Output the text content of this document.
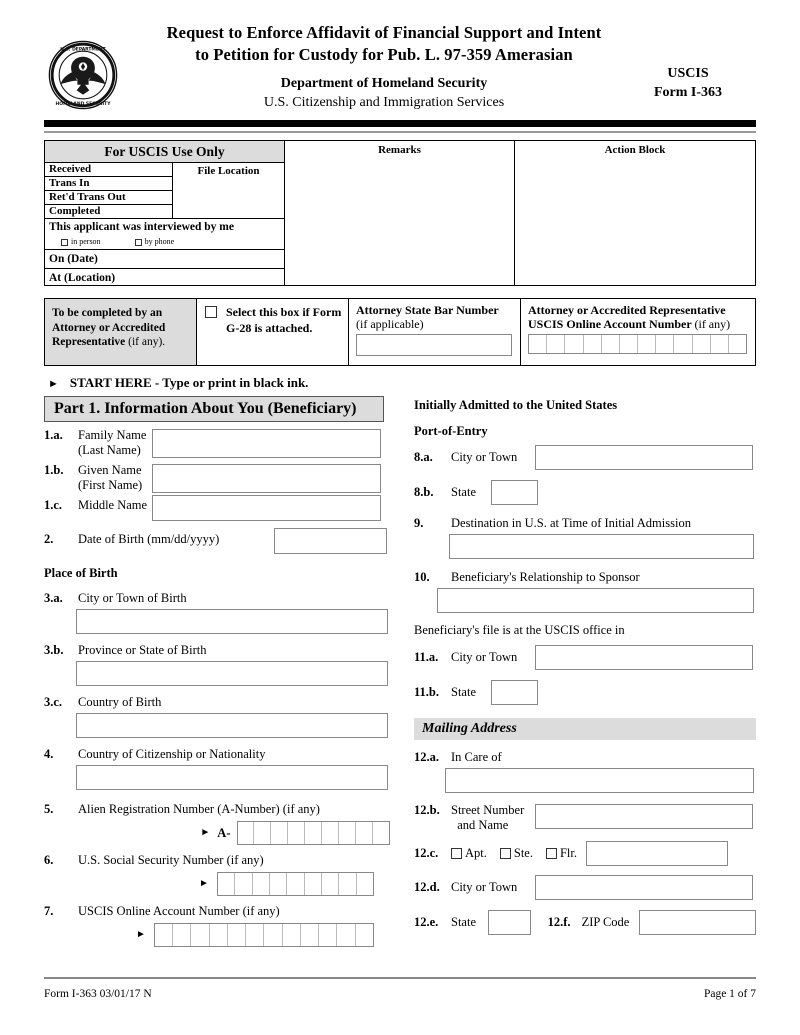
U.S. DEPARTMENT
HOMELAND SECURITY
Request to Enforce Affidavit of Financial Support and Intent
to Petition for Custody for Pub. L. 97-359 Amerasian
Department of Homeland Security
U.S. Citizenship and Immigration Services
USCIS
Form I-363
For USCIS Use Only
Received
Trans In
Ret'd Trans Out
Completed
File Location
This applicant was interviewed by me
in person	by phone
On (Date)
At (Location)
Remarks	Action Block
To be completed by an Attorney or Accredited Representative (if any).
Select this box if Form G-28 is attached.
Attorney State Bar Number
(if applicable)
Attorney or Accredited Representative USCIS Online Account Number (if any)
► START HERE - Type or print in black ink.
Part 1. Information About You (Beneficiary)
1.a.	Family Name
(Last Name)
1.b.	Given Name
(First Name)
1.c.	Middle Name
2.	Date of Birth (mm/dd/yyyy)
Place of Birth
3.a.	City or Town of Birth
3.b.	Province or State of Birth
3.c.	Country of Birth
4.	Country of Citizenship or Nationality
5.	Alien Registration Number (A-Number) (if any)
► A-
6.	U.S. Social Security Number (if any)
►
7.	USCIS Online Account Number (if any)
►
Initially Admitted to the United States
Port-of-Entry
8.a.	City or Town
8.b.	State
9.	Destination in U.S. at Time of Initial Admission
10.	Beneficiary's Relationship to Sponsor
Beneficiary's file is at the USCIS office in
11.a.	City or Town
11.b. State
Mailing Address
12.a. In Care of
12.b. Street Number
and Name
12.c.	Apt. Ste. Flr.
12.d. City or Town
12.e.	State	12.f. ZIP Code
Form I-363 03/01/17 N	Page 1 of 7
